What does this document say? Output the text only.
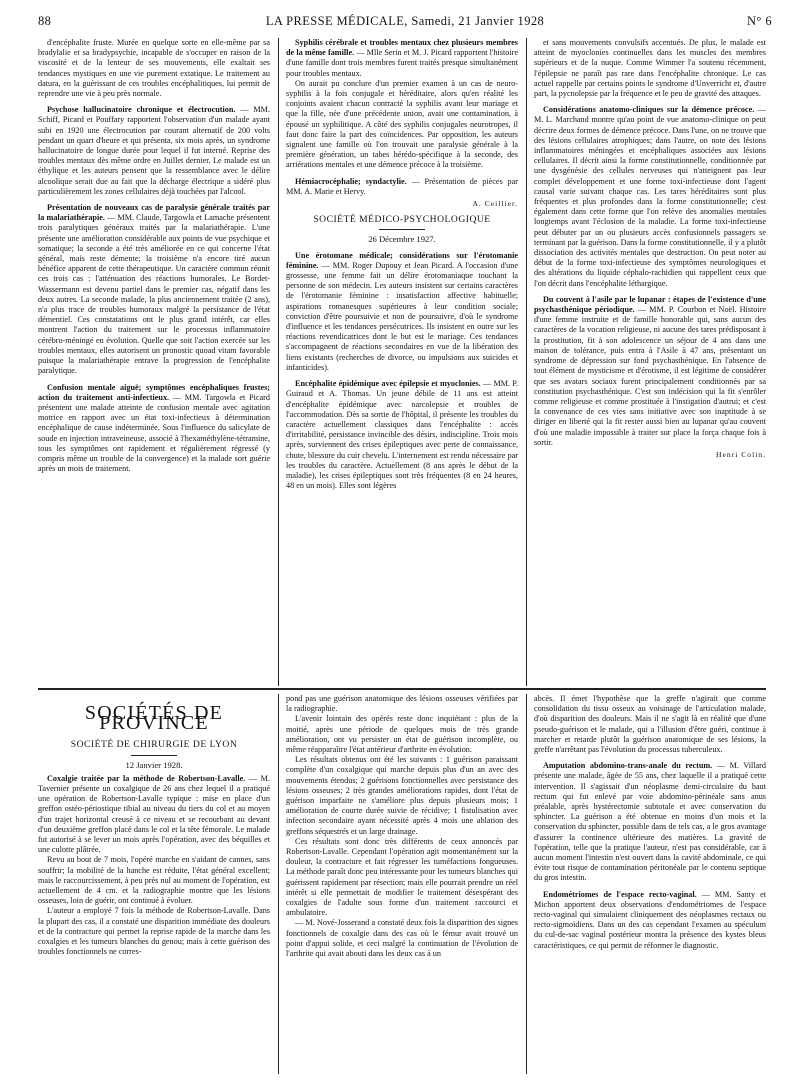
88	LA PRESSE MÉDICALE, Samedi, 21 Janvier 1928	N° 6

d'encéphalite fruste. Murée en quelque sorte en elle-même par sa bradylalie et sa bradypsychie, incapable de s'occuper en raison de la viscosité et de la lenteur de ses mouvements, elle exaltait ses tendances mystiques en une vie purement extatique. Le traitement au datura, en la guérissant de ces troubles encéphalitiques, lui permit de reprendre une vie à peu près normale.

Psychose hallucinatoire chronique et électrocution. — MM. Schiff, Picard et Pouffary rapportent l'observation d'un malade ayant subi en 1920 une électrocution par courant alternatif de 200 volts pendant un quart d'heure et qui présenta, six mois après, un syndrome hallucinatoire de longue durée pour lequel il fut interné. Reprise des troubles mentaux dès même ordre en Juillet dernier. Le malade est un éthylique et les auteurs pensent que la ressemblance avec le délire alcoolique serait due au fait que la décharge électrique a sidéré plus particulièrement les zones cellulaires déjà touchées par l'alcool.

Présentation de nouveaux cas de paralysie générale traités par la malariathérapie. — MM. Claude, Targowla et Lamache présentent trois paralytiques généraux traités par la malariathérapie. L'une présente une amélioration considérable aux points de vue psychique et somatique; la seconde a été très améliorée en ce qui concerne l'état général, mais reste démente; la troisième n'a encore tiré aucun bénéfice apparent de cette thérapeutique. Un caractère commun réunit ces trois cas : l'atténuation des réactions humorales. Le Bordet-Wassermann est devenu partiel dans le premier cas, négatif dans les deux autres. La seconde malade, la plus anciennement traitée (2 ans), n'a plus trace de troubles humoraux malgré la persistance de l'état démentiel. Ces constatations ont le plus grand intérêt, car elles montrent l'action du traitement sur le processus inflammatoire cérébro-méningé en évolution. Quelle que soit l'action exercée sur les troubles mentaux, elles autorisent un pronostic quoad vitam favorable puisque la malariathérapie entrave la progression de l'encéphalite paralytique.

Confusion mentale aiguë; symptômes encéphaliques frustes; action du traitement anti-infectieux. — MM. Targowla et Picard présentent une malade atteinte de confusion mentale avec agitation motrice en rapport avec un état toxi-infectieux à détermination encéphalique de cause indéterminée. Sous l'influence du salicylate de soude en injection intraveineuse, associé à l'hexaméthylène-tétramine, tous les symptômes ont rapidement et régulièrement régressé (y compris même un trouble de la convergence) et la malade sort guérie après un mois de traitement.

Syphilis cérébrale et troubles mentaux chez plusieurs membres de la même famille. — Mlle Serin et M. J. Picard rapportent l'histoire d'une famille dont trois membres furent traités presque simultanément pour troubles mentaux.

On aurait pu conclure d'un premier examen à un cas de neuro-syphilis à la fois conjugale et héréditaire, alors qu'en réalité les conjoints avaient chacun contracté la syphilis avant leur mariage et que la fille, née d'une précédente union, avait une contamination, à épousé un syphilitique. A côté des syphilis conjugales neurotropes, il faut donc faire la part des coïncidences. Par opposition, les auteurs signalent une famille où l'on trouvait une paralysie générale à la première génération, un tabes hérédo-spécifique à la seconde, des arriérations mentales et une démence précoce à la troisième.

Hémiacrocéphalie; syndactylie. — Présentation de pièces par MM. A. Marie et Hervy.

A. Ceillier.
SOCIÉTÉ MÉDICO-PSYCHOLOGIQUE
26 Décembre 1927.

Une érotomane médicale; considérations sur l'érotomanie féminine. — MM. Roger Dupouy et Jean Picard. A l'occasion d'une grossesse, une femme fait un délire érotomaniaque touchant la personne de son médecin. Les auteurs insistent sur certains caractères de l'érotomanie féminine : insatisfaction affective habituelle; aspirations romanesques supérieures à leur condition sociale; conviction d'être poursuivie et non de poursuivre, d'où le syndrome d'influence et les tendances persécutrices. Ils insistent en outre sur les réactions revendicatrices dont le but est le mariage. Ces tendances s'accompagnent de réactions secondaires en vue de la libération des liens existants (recherches de divorce, ou impulsions aux suicides et infanticides).

Encéphalite épidémique avec épilepsie et myoclonies. — MM. P. Guiraud et A. Thomas. Un jeune débile de 11 ans est atteint d'encéphalite épidémique avec narcolepsie et troubles de l'accommodation. Dès sa sortie de l'hôpital, il présente les troubles du caractère actuellement classiques dans l'encéphalite : accès d'irritabilité, persistance invincible des désirs, indiscipline. Trois mois après, surviennent des crises épileptiques avec perte de connaissance, chute, blessure du cuir chevelu. L'internement est rendu nécessaire par les troubles du caractère. Actuellement (8 ans après le début de la maladie), les crises épileptiques sont très fréquentes (8 en 24 heures, 48 en un mois). Elles sont légères

et sans mouvements convulsifs accentués. De plus, le malade est atteint de myoclonies continuelles dans les muscles des membres supérieurs et de la nuque. Comme Wimmer l'a soutenu récemment, l'épilepsie ne paraît pas rare dans l'encéphalite chronique. Le cas actuel rappelle par certains points le syndrome d'Unverricht et, d'autre part, la pycnolepsie par la fréquence et le peu de gravité des attaques.

Considérations anatomo-cliniques sur la démence précoce. — M. L. Marchand montre qu'au point de vue anatomo-clinique on peut décrire deux formes de démence précoce. Dans l'une, on ne trouve que des lésions cellulaires atrophiques; dans l'autre, on note des lésions inflammatoires méningées et encéphaliques associées aux lésions cellulaires. Il décrit ainsi la forme constitutionnelle, conditionnée par une dysgénésie des cellules nerveuses qui n'atteignent pas leur complet développement et une forme toxi-infectieuse dont l'agent causal varie suivant chaque cas. Les tares héréditaires sont plus fréquentes et plus profondes dans la forme constitutionnelle; c'est également dans cette forme que l'on relève des anomalies mentales longtemps avant l'éclosion de la maladie. La forme toxi-infectieuse peut débuter par un ou plusieurs accès confusionnels passagers se terminant par la guérison. Dans la forme constitutionnelle, il y a plutôt dissociation des activités mentales que destruction. On peut noter au début de la forme toxi-infectieuse des symptômes neurologiques et des altérations du liquide céphalo-rachidien qui rappellent ceux que l'on décrit dans l'encéphalite léthargique.

Du couvent à l'asile par le lupanar : étapes de l'existence d'une psychasthénique périodique. — MM. P. Courbon et Noël. Histoire d'une femme instruite et de famille honorable qui, sans aucun des caractères de la vocation religieuse, ni aucune des tares prédisposant à la prostitution, fit à son adolescence un séjour de 4 ans dans une maison de tolérance, puis entra à l'Asile à 47 ans, présentant un syndrome de dépression sur fond psychasthénique. En l'absence de tout élément de mysticisme et d'érotisme, il est légitime de considérer que ses avatars sociaux furent principalement conditionnés par sa constitution psychasthénique. C'est son indécision qui la fit s'enrôler comme religieuse et comme prostituée à l'instigation d'autrui; et c'est la convenance de ces vies sans initiative avec son inaptitude à se diriger en liberté qui la fit rester aussi bien au lupanar qu'au couvent d'où une maladie impossible à traiter sur place la força chaque fois à sortir.

Henri Colin.
SOCIÉTÉS DE PROVINCE
SOCIÉTÉ DE CHIRURGIE DE LYON
12 Janvier 1928.

Coxalgie traitée par la méthode de Robertson-Lavalle. — M. Tavernier présente un coxalgique de 26 ans chez lequel il a pratiqué une opération de Robertson-Lavalle typique : mise en place d'un greffon ostéo-périostique tibial au niveau du tiers du col et au moyen d'un trajet horizontal creusé à ce niveau et se recourbant au devant d'un deuxième greffon placé dans le col et la tête fémorale. Le malade fut autorisé à se lever un mois après l'opération, avec des béquilles et une culotte plâtrée.

Revu au bout de 7 mois, l'opéré marche en s'aidant de cannes, sans souffrir; la mobilité de la hanche est réduite, l'état général excellent; mais le raccourcissement, à peu près nul au moment de l'opération, est actuellement de 4 cm. et la radiographie montre que les lésions osseuses, loin de guérir, ont continué à évoluer.

L'auteur a employé 7 fois la méthode de Robertson-Lavalle. Dans la plupart des cas, il a constaté une disparition immédiate des douleurs et de la contracture qui permet la reprise rapide de la marche dans les coxalgies et les tumeurs blanches du genou; mais à cette guérison des troubles fonctionnels ne corres-

pond pas une guérison anatomique des lésions osseuses vérifiées par la radiographie.

L'avenir lointain des opérés reste donc inquiétant : plus de la moitié, après une période de quelques mois de très grande amélioration, ont vu persister un état de guérison incomplète, ou même réapparaître l'état antérieur d'arthrite en évolution.

Les résultats obtenus ont été les suivants : 1 guérison paraissant complète d'un coxalgique qui marche depuis plus d'un an avec des mouvements étendus; 2 guérisons fonctionnelles avec persistance des lésions osseuses; 2 très grandes améliorations rapides, dont l'état de guérison imparfaite ne s'améliore plus depuis plusieurs mois; 1 amélioration de courte durée suivie de récidive; 1 fistulisation avec infection secondaire ayant nécessité après 4 mois une ablation des greffons séquestrés et un large drainage.

Ces résultats sont donc très différents de ceux annoncés par Robertson-Lavalle. Cependant l'opération agit momentanément sur la douleur, la contracture et fait régresser les tuméfactions fongueuses. La méthode paraît donc peu intéressante pour les tumeurs blanches qui guérissent rapidement par résection; mais elle pourrait prendre un réel intérêt si elle permettait de modifier le traitement désespérant des coxalgies de l'adulte sous forme d'un traitement raccourci et ambulatoire.

— M. Nové-Josserand a constaté deux fois la disparition des signes fonctionnels de coxalgie dans des cas où le fémur avait trouvé un point d'appui solide, et ceci malgré la continuation de l'évolution de l'arthrite qui avait abouti dans les deux cas à un

abcès. Il émet l'hypothèse que la greffe n'agirait que comme consolidation du tissu osseux au voisinage de l'articulation malade, d'où disparition des douleurs. Mais il ne s'agit là en réalité que d'une pseudo-guérison et le malade, qui a l'illusion d'être guéri, continue à marcher et retarde plutôt la guérison anatomique de ses lésions, la greffe n'arrêtant pas l'évolution du processus tuberculeux.

Amputation abdomino-trans-anale du rectum. — M. Villard présente une malade, âgée de 55 ans, chez laquelle il a pratiqué cette intervention. Il s'agissait d'un néoplasme demi-circulaire du haut rectum qui fut enlevé par voie abdomino-périnéale sans anus préalable, après hystérectomie subtotale et avec conservation du sphincter. La guérison a été obtenue en moins d'un mois et la conservation du sphincter, possible dans de tels cas, a le gros avantage d'assurer la continence ultérieure des matières. La gravité de l'opération, telle que la pratique l'auteur, n'est pas considérable, car à aucun moment l'intestin n'est ouvert dans la cavité abdominale, ce qui évite tout risque de contamination péritonéale par le contenu septique du gros intestin.

Endométriomes de l'espace recto-vaginal. — MM. Santy et Michon apportent deux observations d'endométriomes de l'espace recto-vaginal qui simulaient cliniquement des néoplasmes rectaux ou recto-sigmoïdiens. Dans un des cas cependant l'examen au spéculum du cul-de-sac vaginal postérieur montra la présence des kystes bleus caractéristiques, ce qui permit de réformer le diagnostic.
